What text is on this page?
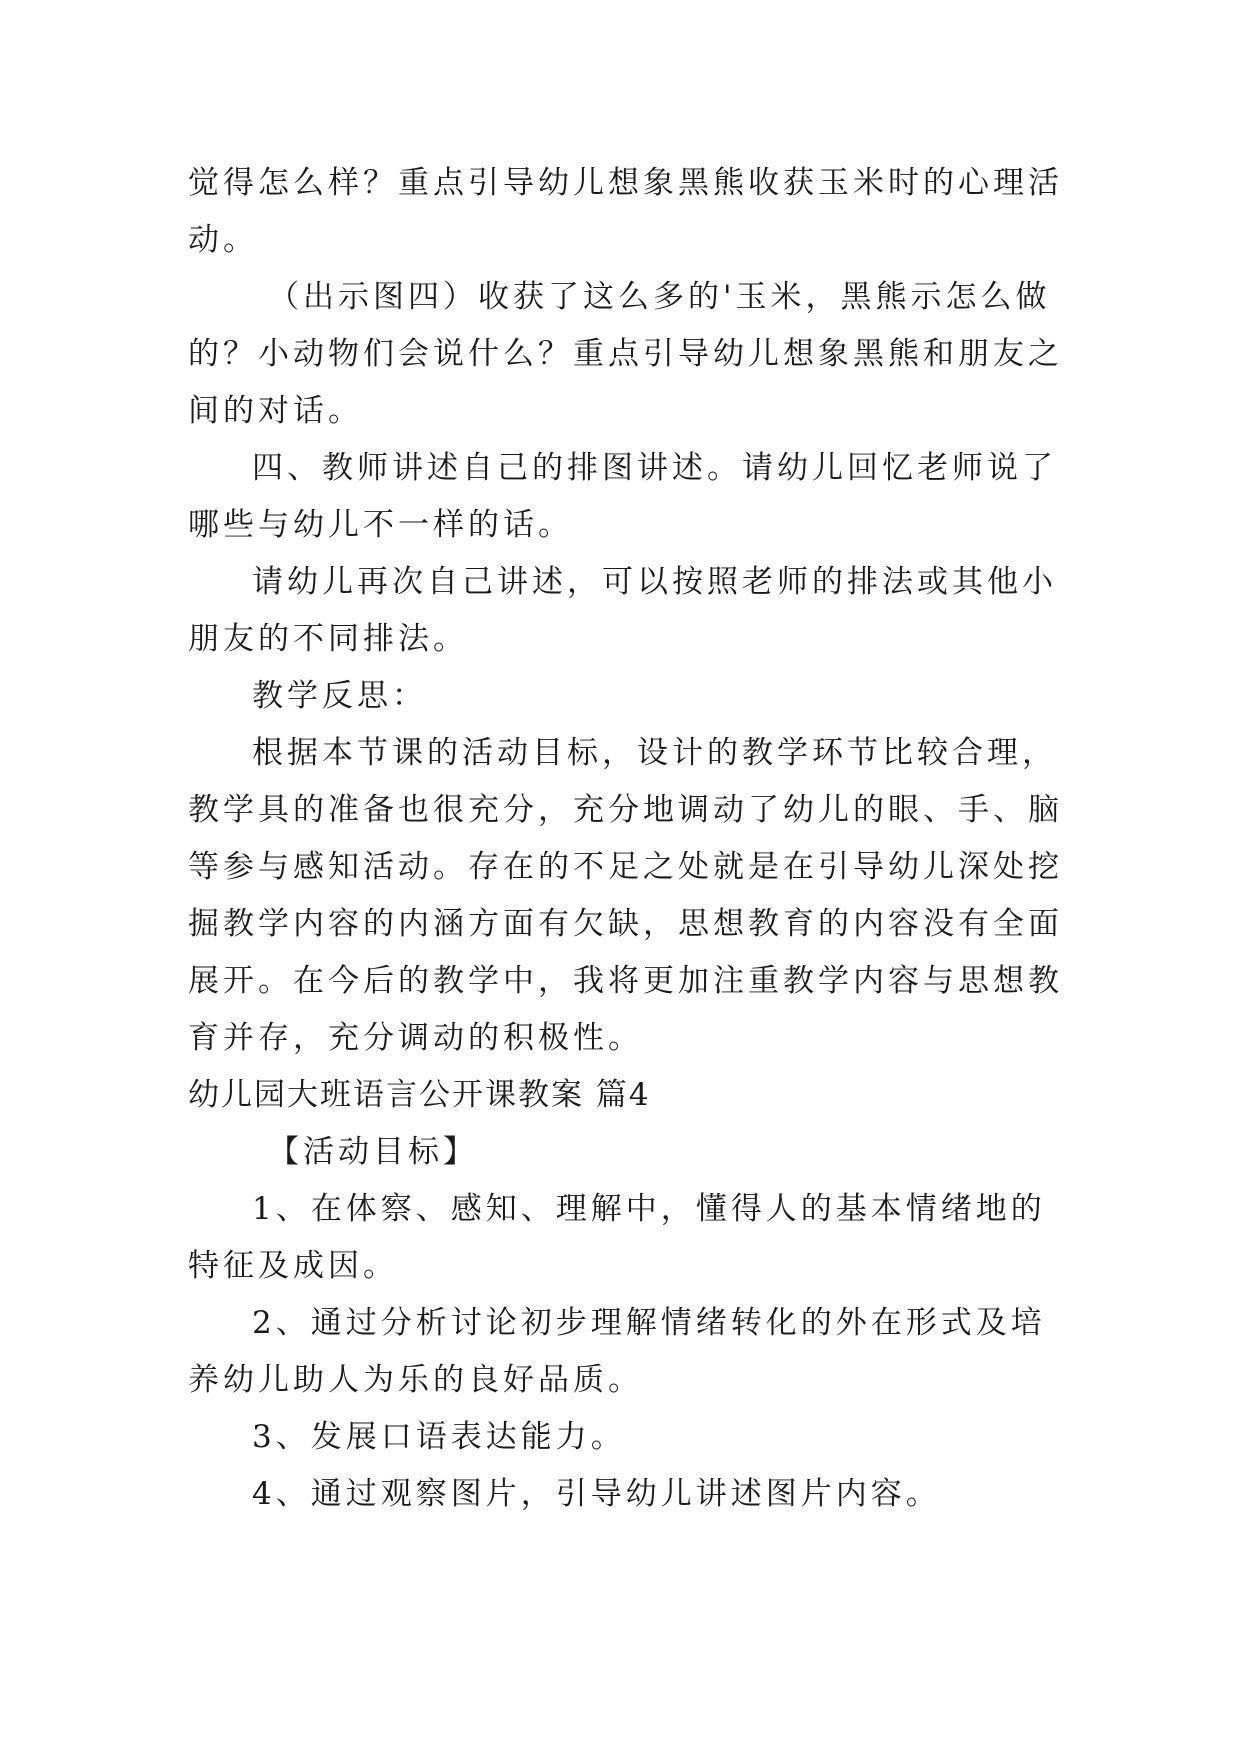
觉得怎么样？重点引导幼儿想象黑熊收获玉米时的心理活动。

（出示图四）收获了这么多的'玉米，黑熊示怎么做的？小动物们会说什么？重点引导幼儿想象黑熊和朋友之间的对话。

四、教师讲述自己的排图讲述。请幼儿回忆老师说了哪些与幼儿不一样的话。

请幼儿再次自己讲述，可以按照老师的排法或其他小朋友的不同排法。

教学反思：

根据本节课的活动目标，设计的教学环节比较合理，教学具的准备也很充分，充分地调动了幼儿的眼、手、脑等参与感知活动。存在的不足之处就是在引导幼儿深处挖掘教学内容的内涵方面有欠缺，思想教育的内容没有全面展开。在今后的教学中，我将更加注重教学内容与思想教育并存，充分调动的积极性。

幼儿园大班语言公开课教案 篇4

【活动目标】

1、在体察、感知、理解中，懂得人的基本情绪地的特征及成因。

2、通过分析讨论初步理解情绪转化的外在形式及培养幼儿助人为乐的良好品质。

3、发展口语表达能力。

4、通过观察图片，引导幼儿讲述图片内容。
